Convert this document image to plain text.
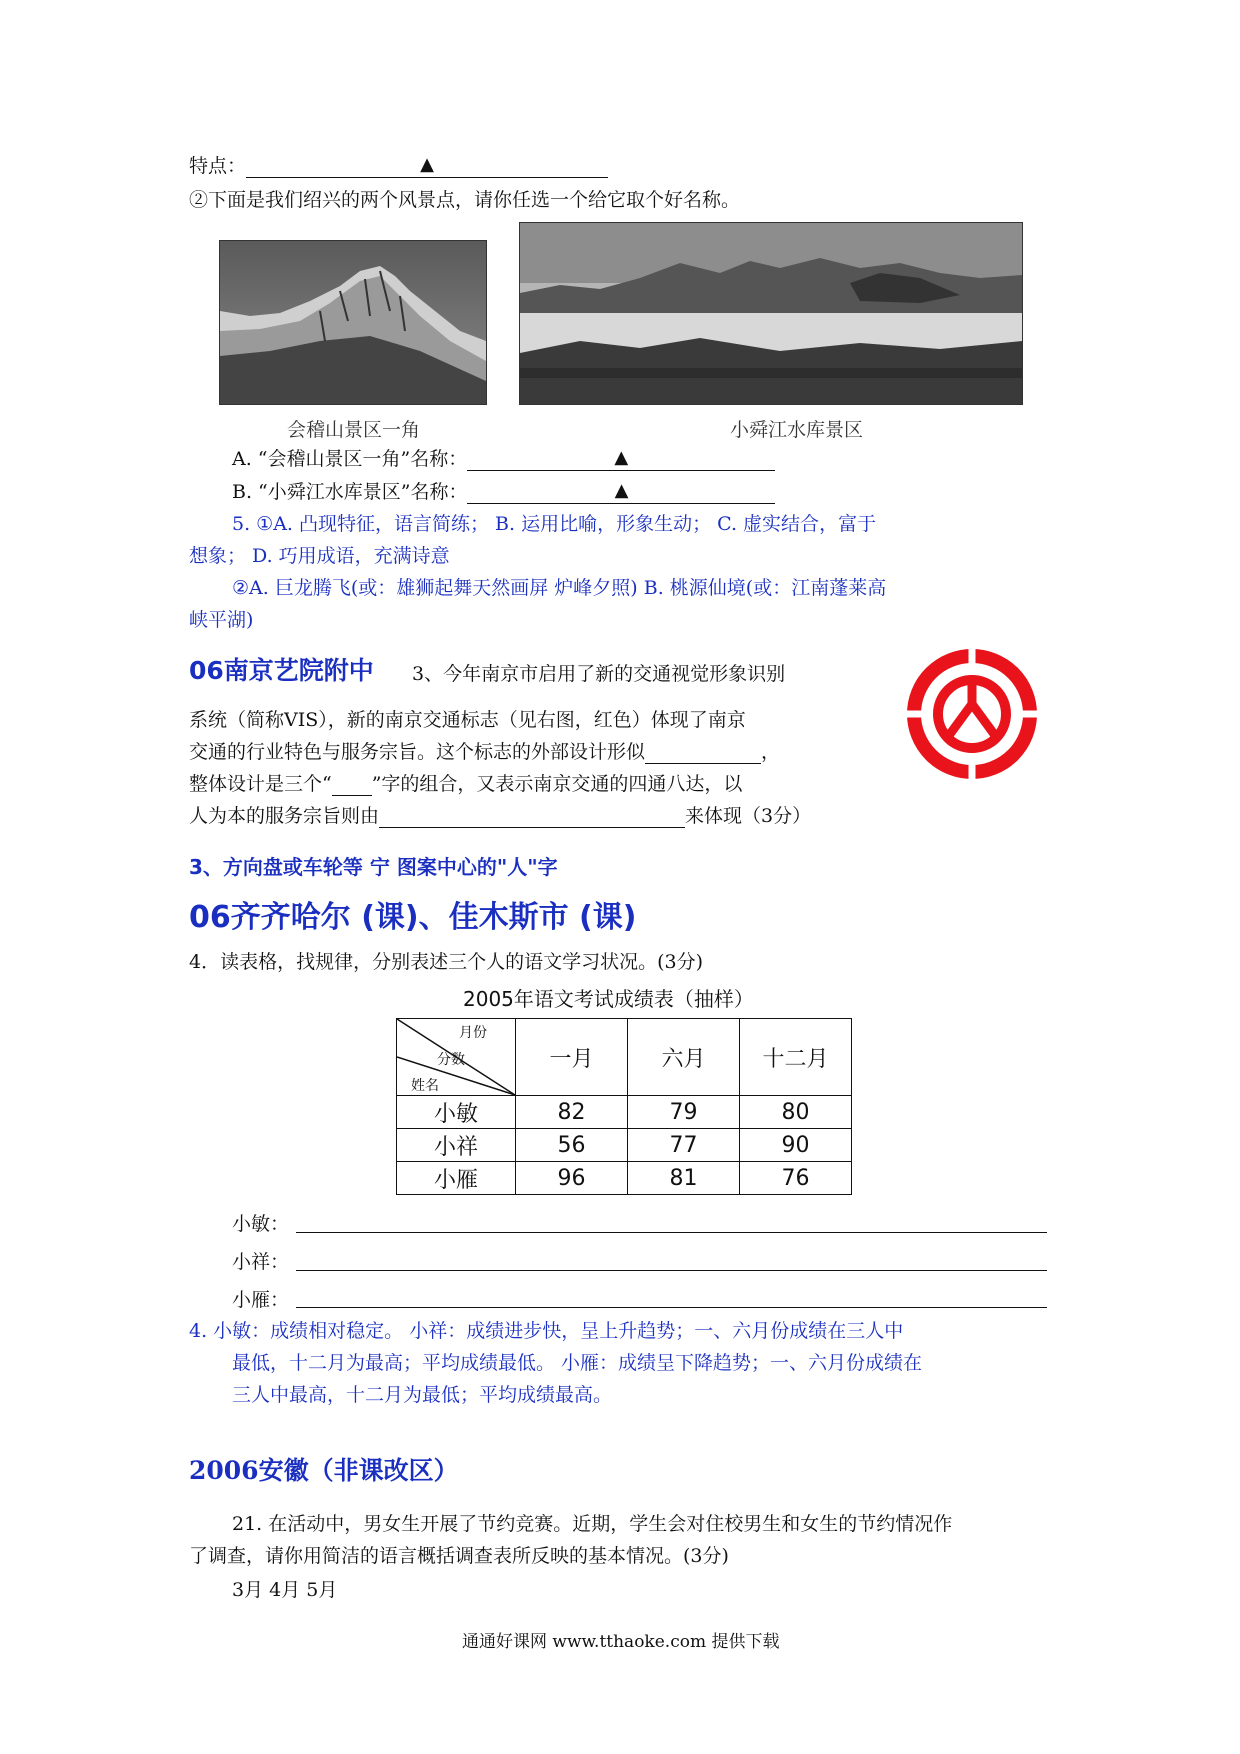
特点：	▲
②下面是我们绍兴的两个风景点，请你任选一个给它取个好名称。
会稽山景区一角	小舜江水库景区
A. “会稽山景区一角”名称：	▲
B. “小舜江水库景区”名称：	▲
5. ①A. 凸现特征，语言简练； B. 运用比喻，形象生动； C. 虚实结合，富于
想象； D. 巧用成语，充满诗意
②A. 巨龙腾飞(或：雄狮起舞天然画屏 炉峰夕照) B. 桃源仙境(或：江南蓬莱高
峡平湖)
06南京艺院附中 3、今年南京市启用了新的交通视觉形象识别
系统（简称VIS），新的南京交通标志（见右图，红色）体现了南京
交通的行业特色与服务宗旨。这个标志的外部设计形似	，
整体设计是三个“ ”字的组合，又表示南京交通的四通八达，以
人为本的服务宗旨则由	来体现（3分）
3、方向盘或车轮等 宁 图案中心的"人"字
06齐齐哈尔 (课)、佳木斯市 (课)
4．读表格，找规律，分别表述三个人的语文学习状况。(3分)
2005年语文考试成绩表（抽样）
月份
分数
姓名	一月	六月	十二月
小敏	82	79	80
小祥	56	77	90
小雁	96	81	76
小敏：
小祥：
小雁：
4. 小敏：成绩相对稳定。 小祥：成绩进步快，呈上升趋势；一、六月份成绩在三人中
最低，十二月为最高；平均成绩最低。 小雁：成绩呈下降趋势；一、六月份成绩在
三人中最高，十二月为最低；平均成绩最高。
2006安徽（非课改区）
21. 在活动中，男女生开展了节约竞赛。近期，学生会对住校男生和女生的节约情况作
了调查，请你用简洁的语言概括调查表所反映的基本情况。(3分)
3月 4月 5月
通通好课网 www.tthaoke.com 提供下载
